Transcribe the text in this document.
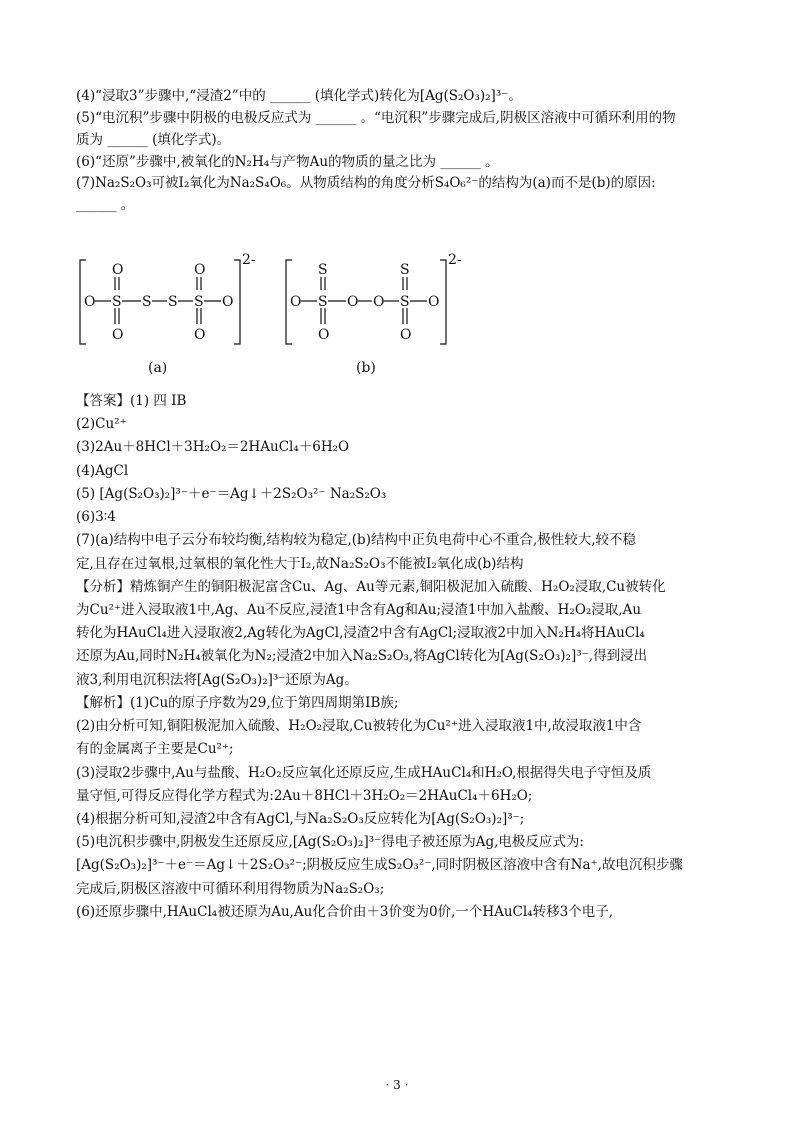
(4)“浸取3”步骤中,“浸渣2”中的 ______ (填化学式)转化为[Ag(S₂O₃)₂]³⁻。

(5)“电沉积”步骤中阴极的电极反应式为 ______ 。“电沉积”步骤完成后,阴极区溶液中可循环利用的物

质为 ______ (填化学式)。

(6)“还原”步骤中,被氧化的N₂H₄与产物Au的物质的量之比为 ______ 。

(7)Na₂S₂O₃可被I₂氧化为Na₂S₄O₆。从物质结构的角度分析S₄O₆²⁻的结构为(a)而不是(b)的原因:

______ 。

2-
O S S S S O
O
O
O
O
(a)
2-
O S O O S O
S
O
S
O
(b)

【答案】(1) 四 ⅠB

(2)Cu²⁺

(3)2Au＋8HCl＋3H₂O₂＝2HAuCl₄＋6H₂O

(4)AgCl

(5) [Ag(S₂O₃)₂]³⁻＋e⁻＝Ag↓＋2S₂O₃²⁻ Na₂S₂O₃

(6)3∶4

(7)(a)结构中电子云分布较均衡,结构较为稳定,(b)结构中正负电荷中心不重合,极性较大,较不稳

定,且存在过氧根,过氧根的氧化性大于I₂,故Na₂S₂O₃不能被I₂氧化成(b)结构

【分析】精炼铜产生的铜阳极泥富含Cu、Ag、Au等元素,铜阳极泥加入硫酸、H₂O₂浸取,Cu被转化

为Cu²⁺进入浸取液1中,Ag、Au不反应,浸渣1中含有Ag和Au;浸渣1中加入盐酸、H₂O₂浸取,Au

转化为HAuCl₄进入浸取液2,Ag转化为AgCl,浸渣2中含有AgCl;浸取液2中加入N₂H₄将HAuCl₄

还原为Au,同时N₂H₄被氧化为N₂;浸渣2中加入Na₂S₂O₃,将AgCl转化为[Ag(S₂O₃)₂]³⁻,得到浸出

液3,利用电沉积法将[Ag(S₂O₃)₂]³⁻还原为Ag。

【解析】(1)Cu的原子序数为29,位于第四周期第ⅠB族;

(2)由分析可知,铜阳极泥加入硫酸、H₂O₂浸取,Cu被转化为Cu²⁺进入浸取液1中,故浸取液1中含

有的金属离子主要是Cu²⁺;

(3)浸取2步骤中,Au与盐酸、H₂O₂反应氧化还原反应,生成HAuCl₄和H₂O,根据得失电子守恒及质

量守恒,可得反应得化学方程式为:2Au＋8HCl＋3H₂O₂＝2HAuCl₄＋6H₂O;

(4)根据分析可知,浸渣2中含有AgCl,与Na₂S₂O₃反应转化为[Ag(S₂O₃)₂]³⁻;

(5)电沉积步骤中,阴极发生还原反应,[Ag(S₂O₃)₂]³⁻得电子被还原为Ag,电极反应式为:

[Ag(S₂O₃)₂]³⁻＋e⁻＝Ag↓＋2S₂O₃²⁻;阴极反应生成S₂O₃²⁻,同时阴极区溶液中含有Na⁺,故电沉积步骤

完成后,阴极区溶液中可循环利用得物质为Na₂S₂O₃;

(6)还原步骤中,HAuCl₄被还原为Au,Au化合价由＋3价变为0价,一个HAuCl₄转移3个电子,

· 3 ·
